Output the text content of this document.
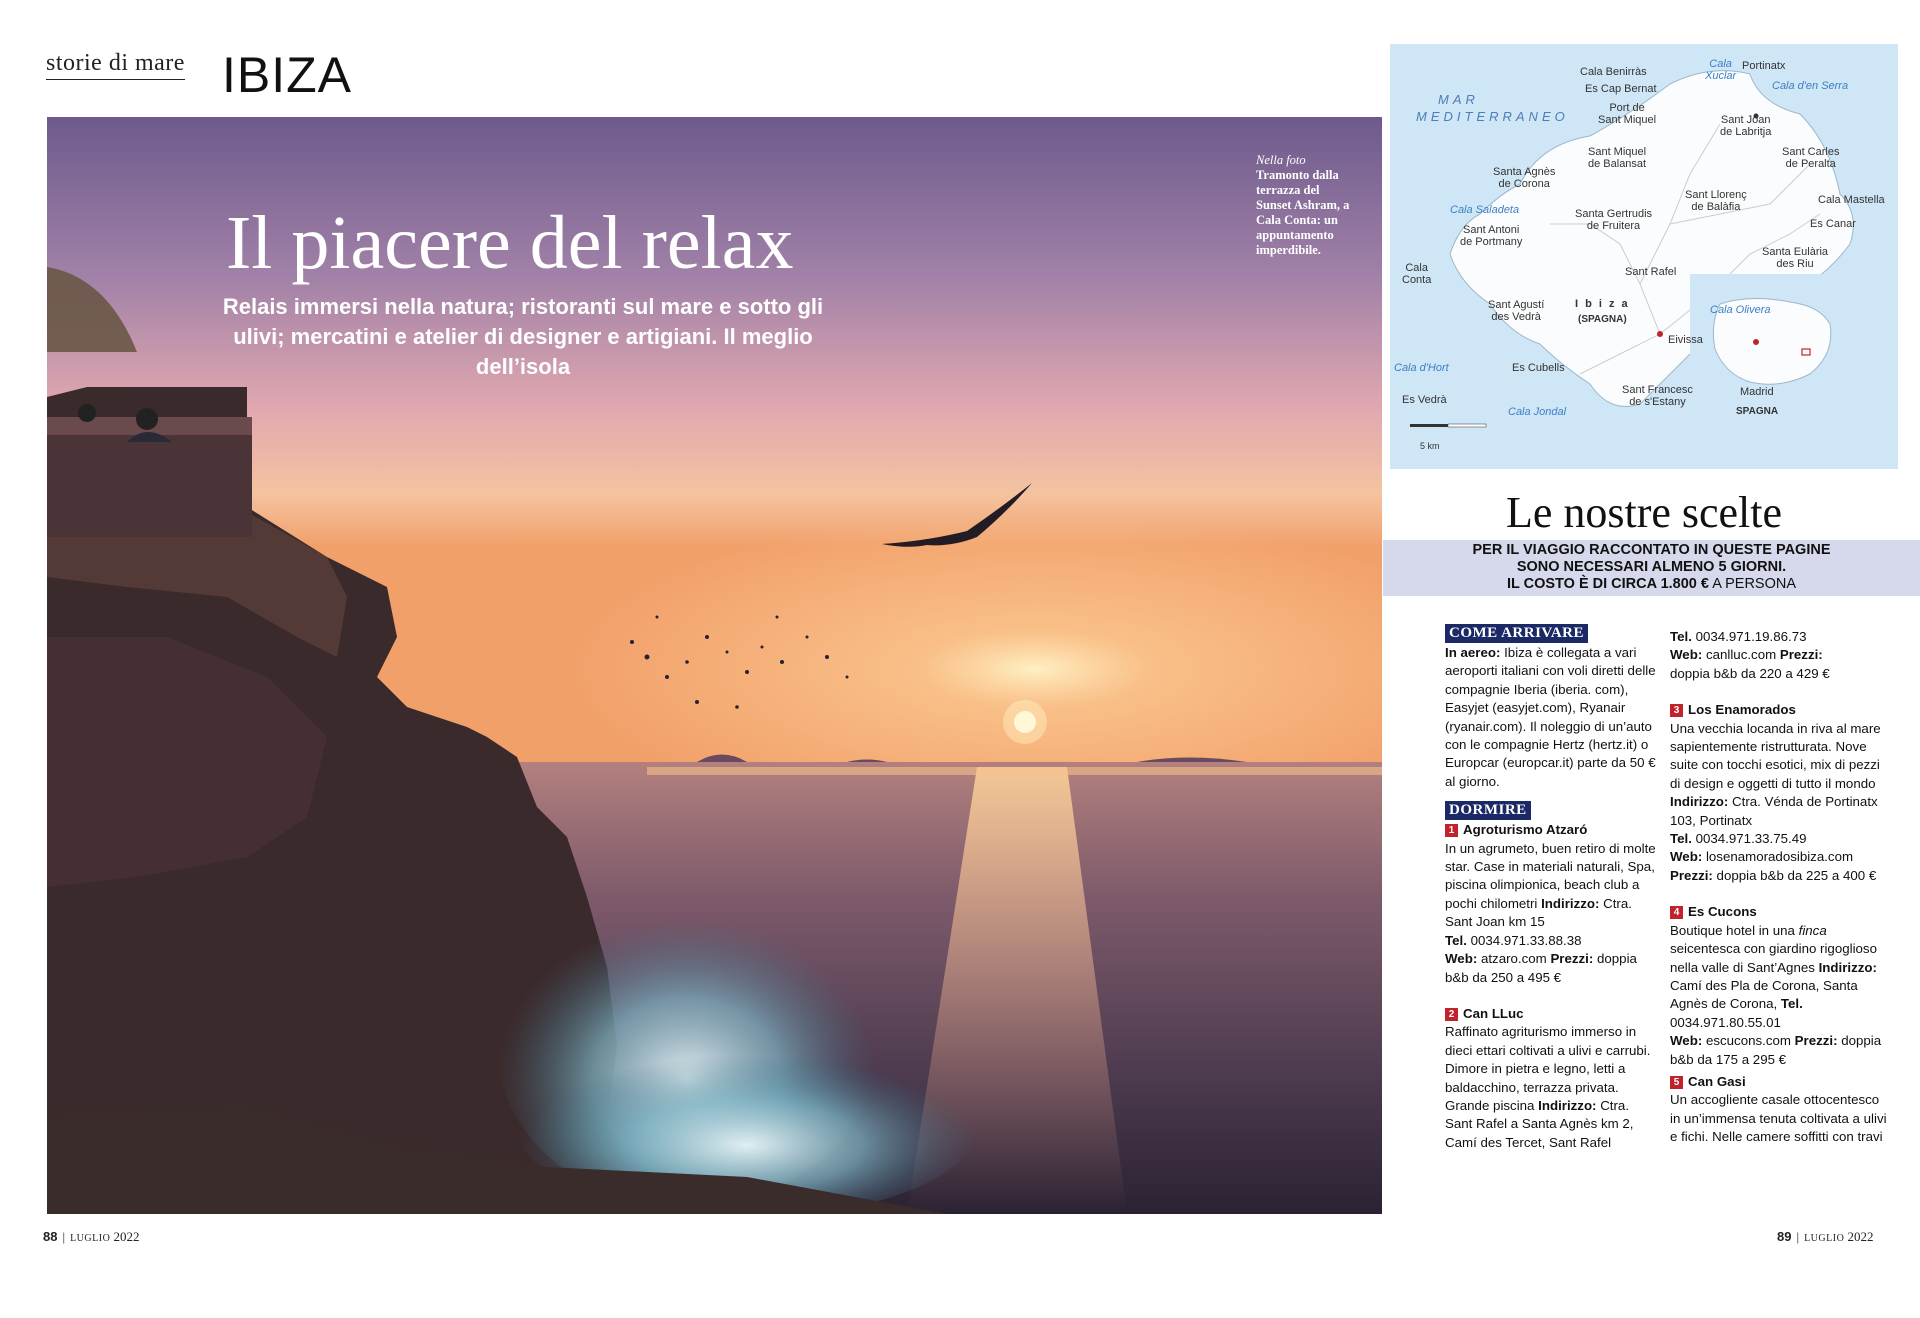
storie di mare IBIZA
Nella foto
Tramonto dalla terrazza del Sunset Ashram, a Cala Conta: un appuntamento imperdibile.
Il piacere del relax
Relais immersi nella natura; ristoranti sul mare e sotto gli ulivi; mercatini e atelier di designer e artigiani. Il meglio dell’isola
88 | LUGLIO 2022	89 | LUGLIO 2022
MAR
MEDITERRANEO
Cala Benirràs
Cala
Xuclar
Portinatx
Cala d'en Serra
Es Cap Bernat
Port de
Sant Miquel	Sant Joan
de Labritja
Santa Agnès
de Corona
Sant Miquel
de Balansat
Sant Carles
de Peralta
Sant Llorenç
de Balàfia
Cala Mastella
Cala Saladeta	Santa Gertrudis
de Fruitera	Es Canar
Sant Antoni
de Portmany
Santa Eulària
des Riu
Cala
Conta
Sant Rafel
Sant Agustí
des Vedrà
I b i z a
(SPAGNA)
Cala Olivera
Eivissa
Cala d'Hort	Es Cubells
Es Vedrà
Sant Francesc
de s'Estany
Cala Jondal
Madrid
SPAGNA
5 km
Le nostre scelte
PER IL VIAGGIO RACCONTATO IN QUESTE PAGINE
SONO NECESSARI ALMENO 5 GIORNI.
IL COSTO È DI CIRCA 1.800 € A PERSONA
COME ARRIVARE

In aereo: Ibiza è collegata a vari aeroporti italiani con voli diretti delle compagnie Iberia (iberia. com), Easyjet (easyjet.com), Ryanair (ryanair.com). Il noleggio di un’auto con le compagnie Hertz (hertz.it) o Europcar (europcar.it) parte da 50 € al giorno.

DORMIRE

1 Agroturismo Atzaró

In un agrumeto, buen retiro di molte star. Case in materiali naturali, Spa, piscina olimpionica, beach club a pochi chilometri Indirizzo: Ctra. Sant Joan km 15
Tel. 0034.971.33.88.38
Web: atzaro.com Prezzi: doppia b&b da 250 a 495 €

2 Can LLuc

Raffinato agriturismo immerso in dieci ettari coltivati a ulivi e carrubi. Dimore in pietra e legno, letti a baldacchino, terrazza privata. Grande piscina Indirizzo: Ctra. Sant Rafel a Santa Agnès km 2, Camí des Tercet, Sant Rafel

Tel. 0034.971.19.86.73
Web: canlluc.com Prezzi:
doppia b&b da 220 a 429 €

3 Los Enamorados

Una vecchia locanda in riva al mare sapientemente ristrutturata. Nove suite con tocchi esotici, mix di pezzi di design e oggetti di tutto il mondo Indirizzo: Ctra. Vénda de Portinatx 103, Portinatx
Tel. 0034.971.33.75.49
Web: losenamoradosibiza.com
Prezzi: doppia b&b da 225 a 400 €

4 Es Cucons

Boutique hotel in una finca seicentesca con giardino rigoglioso nella valle di Sant’Agnes Indirizzo: Camí des Pla de Corona, Santa Agnès de Corona, Tel. 0034.971.80.55.01
Web: escucons.com Prezzi: doppia b&b da 175 a 295 €

5 Can Gasi

Un accogliente casale ottocentesco in un’immensa tenuta coltivata a ulivi e fichi. Nelle camere soffitti con travi
